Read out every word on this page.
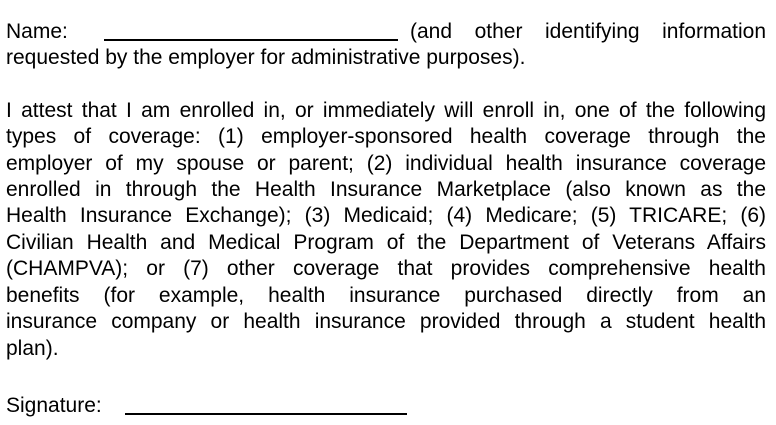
Name:	(and other identifying information
requested by the employer for administrative purposes).
I attest that I am enrolled in, or immediately will enroll in, one of the following
types of coverage: (1) employer-sponsored health coverage through the
employer of my spouse or parent; (2) individual health insurance coverage
enrolled in through the Health Insurance Marketplace (also known as the
Health Insurance Exchange); (3) Medicaid; (4) Medicare; (5) TRICARE; (6)
Civilian Health and Medical Program of the Department of Veterans Affairs
(CHAMPVA); or (7) other coverage that provides comprehensive health
benefits (for example, health insurance purchased directly from an
insurance company or health insurance provided through a student health
plan).
Signature:
